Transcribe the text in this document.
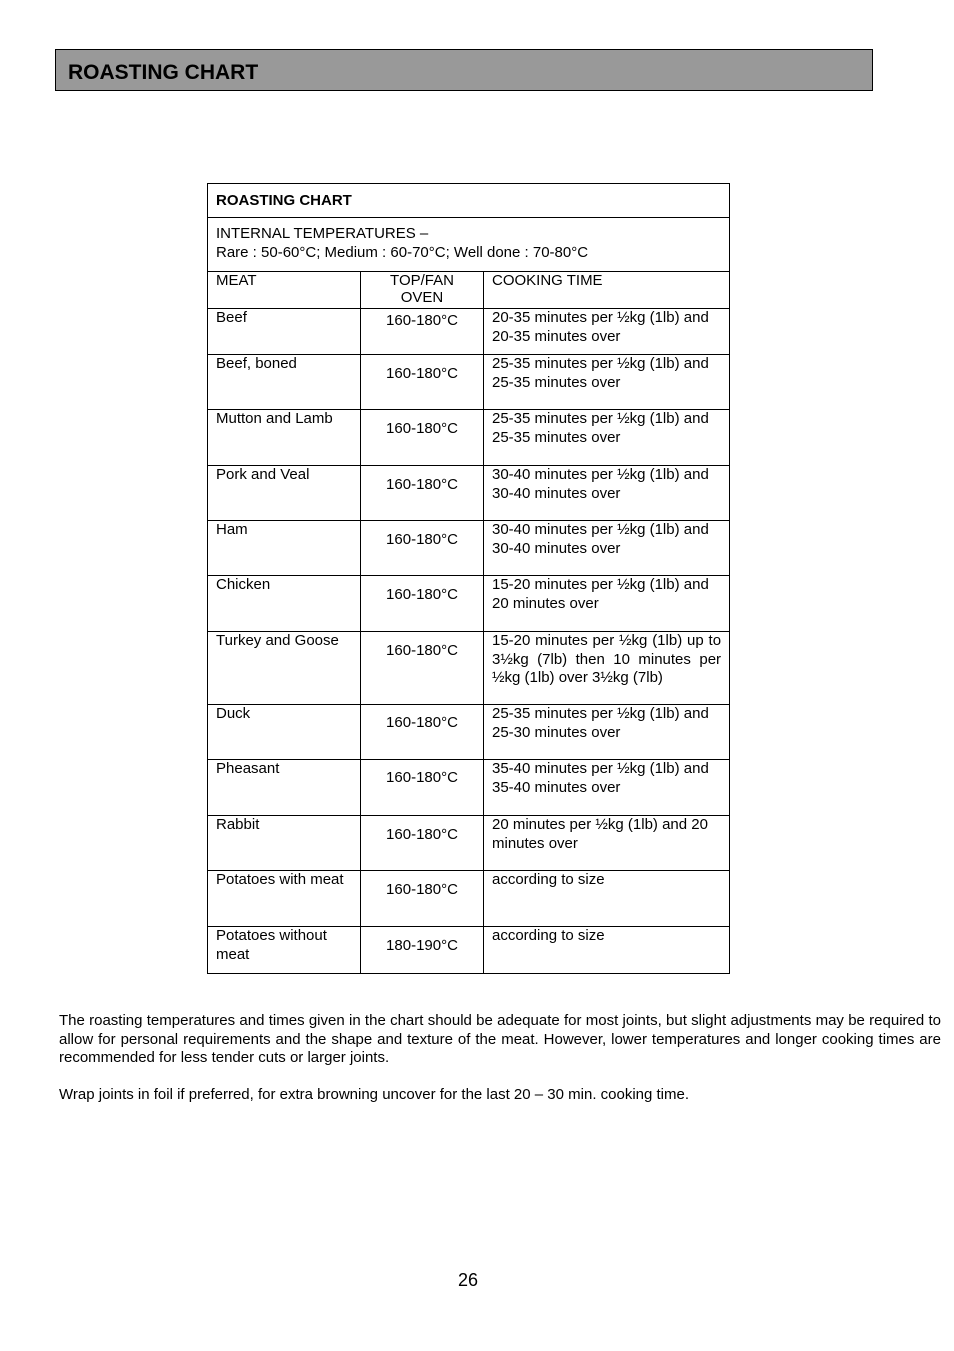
ROASTING CHART
ROASTING CHART		

INTERNAL TEMPERATURES –
Rare : 50-60°C; Medium : 60-70°C; Well done : 70-80°C		

MEAT	TOP/FAN OVEN	COOKING TIME
Beef	160-180°C	20-35 minutes per ½kg (1lb) and 20-35 minutes over
Beef, boned	160-180°C	25-35 minutes per ½kg (1lb) and 25-35 minutes over
Mutton and Lamb	160-180°C	25-35 minutes per ½kg (1lb) and 25-35 minutes over
Pork and Veal	160-180°C	30-40 minutes per ½kg (1lb) and 30-40 minutes over
Ham	160-180°C	30-40 minutes per ½kg (1lb) and 30-40 minutes over
Chicken	160-180°C	15-20 minutes per ½kg (1lb) and 20 minutes over
Turkey and Goose	160-180°C	15-20 minutes per ½kg (1lb) up to 3½kg (7lb) then 10 minutes per ½kg (1lb) over 3½kg (7lb)
Duck	160-180°C	25-35 minutes per ½kg (1lb) and 25-30 minutes over
Pheasant	160-180°C	35-40 minutes per ½kg (1lb) and 35-40 minutes over
Rabbit	160-180°C	20 minutes per ½kg (1lb) and 20 minutes over
Potatoes with meat	160-180°C	according to size
Potatoes without meat	180-190°C	according to size

The roasting temperatures and times given in the chart should be adequate for most joints, but slight adjustments may be required to allow for personal requirements and the shape and texture of the meat. However, lower temperatures and longer cooking times are recommended for less tender cuts or larger joints.

Wrap joints in foil if preferred, for extra browning uncover for the last 20 – 30 min. cooking time.

26
